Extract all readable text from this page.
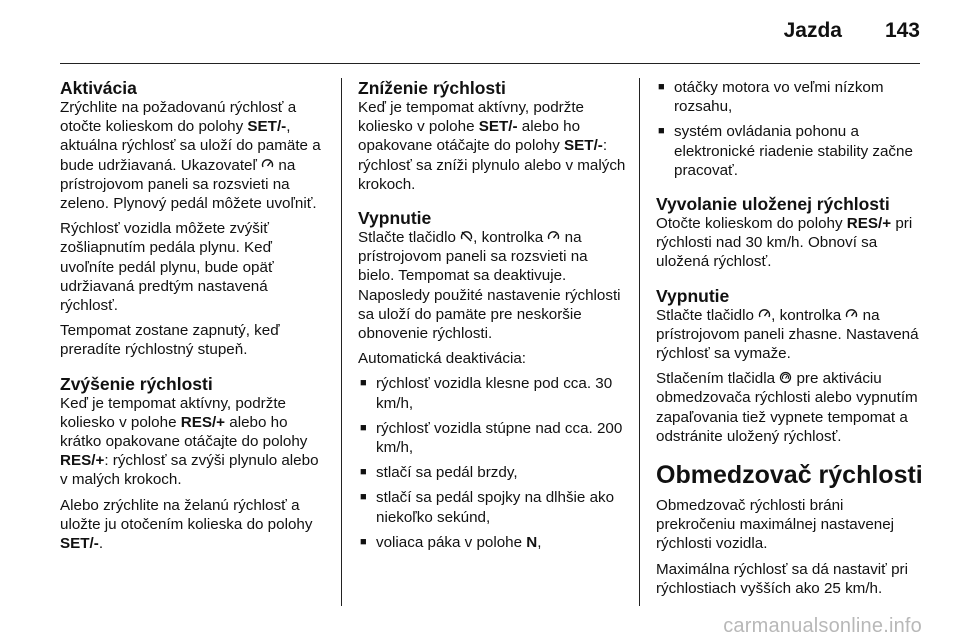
Jazda 143
Aktivácia

Zrýchlite na požadovanú rýchlosť a otočte kolieskom do polohy SET/-, aktuálna rýchlosť sa uloží do pamäte a bude udržiavaná. Ukazovateľ
na prístrojovom paneli sa rozsvieti na zeleno. Plynový pedál môžete uvoľniť.

Rýchlosť vozidla môžete zvýšiť zošliapnutím pedála plynu. Keď uvoľníte pedál plynu, bude opäť udržiavaná predtým nastavená rýchlosť.

Tempomat zostane zapnutý, keď preradíte rýchlostný stupeň.

Zvýšenie rýchlosti

Keď je tempomat aktívny, podržte koliesko v polohe RES/+ alebo ho krátko opakovane otáčajte do polohy RES/+: rýchlosť sa zvýši plynulo alebo v malých krokoch.

Alebo zrýchlite na želanú rýchlosť a uložte ju otočením kolieska do polohy SET/-.

Zníženie rýchlosti

Keď je tempomat aktívny, podržte koliesko v polohe SET/- alebo ho opakovane otáčajte do polohy SET/-: rýchlosť sa zníži plynulo alebo v malých krokoch.

Vypnutie

Stlačte tlačidlo
, kontrolka
na prístrojovom paneli sa rozsvieti na bielo. Tempomat sa deaktivuje. Naposledy použité nastavenie rýchlosti sa uloží do pamäte pre neskoršie obnovenie rýchlosti.

Automatická deaktivácia:

■ rýchlosť vozidla klesne pod cca. 30 km/h,
■ rýchlosť vozidla stúpne nad cca. 200 km/h,
■ stlačí sa pedál brzdy,
■ stlačí sa pedál spojky na dlhšie ako niekoľko sekúnd,
■ voliaca páka v polohe N,
■ otáčky motora vo veľmi nízkom rozsahu,
■ systém ovládania pohonu a elektronické riadenie stability začne pracovať.
Vyvolanie uloženej rýchlosti

Otočte kolieskom do polohy RES/+ pri rýchlosti nad 30 km/h. Obnoví sa uložená rýchlosť.

Vypnutie

Stlačte tlačidlo
, kontrolka
na prístrojovom paneli zhasne. Nastavená rýchlosť sa vymaže.

Stlačením tlačidla
pre aktiváciu obmedzovača rýchlosti alebo vypnutím zapaľovania tiež vypnete tempomat a odstránite uložený rýchlosť.

Obmedzovač rýchlosti

Obmedzovač rýchlosti bráni prekročeniu maximálnej nastavenej rýchlosti vozidla.

Maximálna rýchlosť sa dá nastaviť pri rýchlostiach vyšších ako 25 km/h.

carmanualsonline.info
